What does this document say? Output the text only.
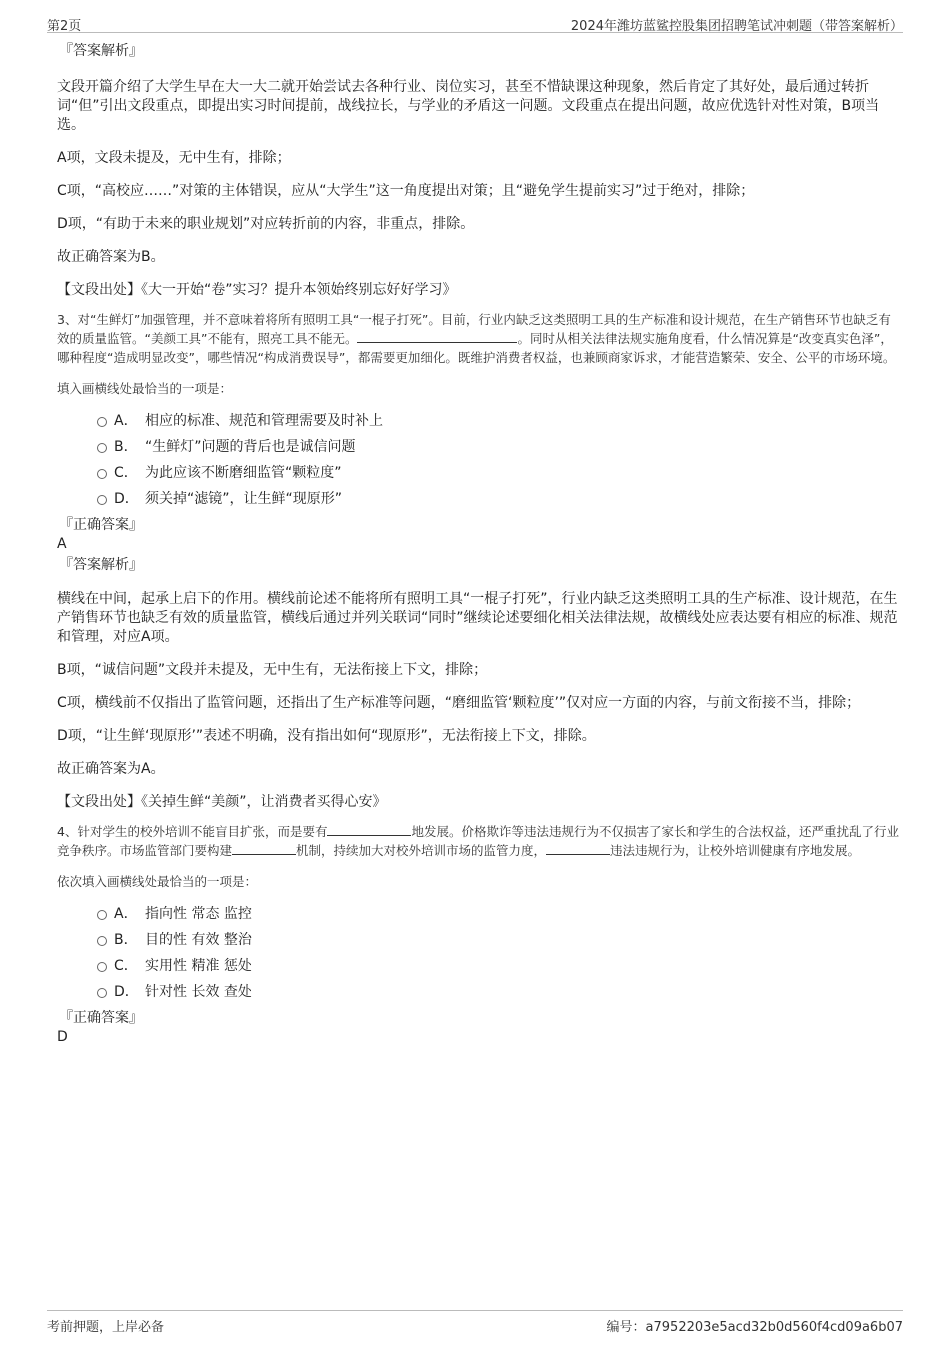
第2页	2024年潍坊蓝鲨控股集团招聘笔试冲刺题（带答案解析）

『答案解析』

文段开篇介绍了大学生早在大一大二就开始尝试去各种行业、岗位实习，甚至不惜缺课这种现象，然后肯定了其好处，最后通过转折词“但”引出文段重点，即提出实习时间提前，战线拉长，与学业的矛盾这一问题。文段重点在提出问题，故应优选针对性对策，B项当选。

A项，文段未提及，无中生有，排除；

C项，“高校应……”对策的主体错误，应从“大学生”这一角度提出对策；且“避免学生提前实习”过于绝对，排除；

D项，“有助于未来的职业规划”对应转折前的内容，非重点，排除。

故正确答案为B。

【文段出处】《大一开始“卷”实习？提升本领始终别忘好好学习》

3、对“生鲜灯”加强管理，并不意味着将所有照明工具“一棍子打死”。目前，行业内缺乏这类照明工具的生产标准和设计规范，在生产销售环节也缺乏有效的质量监管。“美颜工具”不能有，照亮工具不能无。	。同时从相关法律法规实施角度看，什么情况算是“改变真实色泽”，哪种程度“造成明显改变”，哪些情况“构成消费误导”，都需要更加细化。既维护消费者权益，也兼顾商家诉求，才能营造繁荣、安全、公平的市场环境。

填入画横线处最恰当的一项是：

A． 相应的标准、规范和管理需要及时补上
B． “生鲜灯”问题的背后也是诚信问题
C． 为此应该不断磨细监管“颗粒度”
D． 须关掉“滤镜”，让生鲜“现原形”

『正确答案』

A

『答案解析』

横线在中间，起承上启下的作用。横线前论述不能将所有照明工具“一棍子打死”，行业内缺乏这类照明工具的生产标准、设计规范，在生产销售环节也缺乏有效的质量监管，横线后通过并列关联词“同时”继续论述要细化相关法律法规，故横线处应表达要有相应的标准、规范和管理，对应A项。

B项，“诚信问题”文段并未提及，无中生有，无法衔接上下文，排除；

C项，横线前不仅指出了监管问题，还指出了生产标准等问题，“磨细监管‘颗粒度’”仅对应一方面的内容，与前文衔接不当，排除；

D项，“让生鲜‘现原形’”表述不明确，没有指出如何“现原形”，无法衔接上下文，排除。

故正确答案为A。

【文段出处】《关掉生鲜“美颜”，让消费者买得心安》

4、针对学生的校外培训不能盲目扩张，而是要有	地发展。价格欺诈等违法违规行为不仅损害了家长和学生的合法权益，还严重扰乱了行业竞争秩序。市场监管部门要构建	机制，持续加大对校外培训市场的监管力度，	违法违规行为，让校外培训健康有序地发展。

依次填入画横线处最恰当的一项是：

A． 指向性 常态 监控
B． 目的性 有效 整治
C． 实用性 精准 惩处
D． 针对性 长效 查处

『正确答案』

D

考前押题，上岸必备	编号：a7952203e5acd32b0d560f4cd09a6b07
